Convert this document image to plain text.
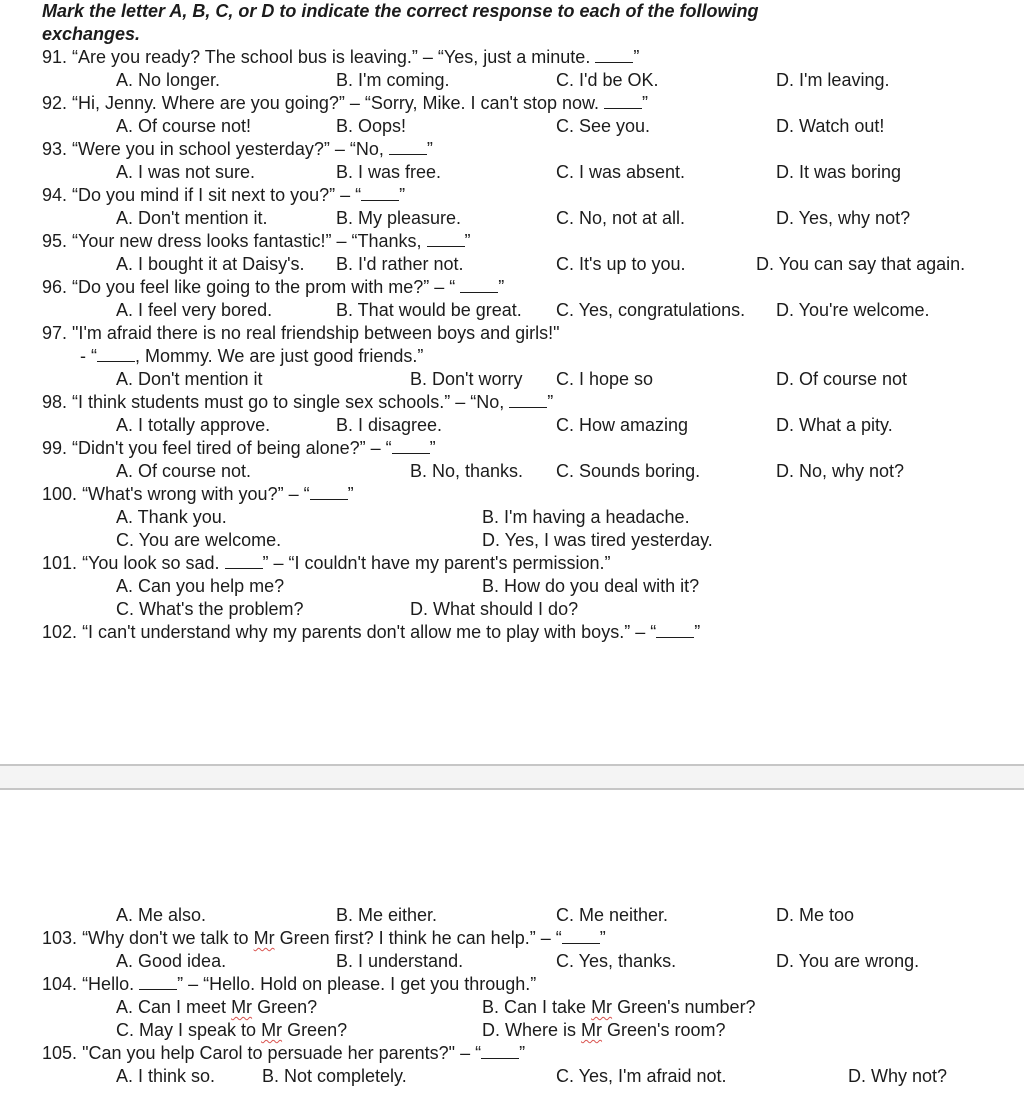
Mark the letter A, B, C, or D to indicate the correct response to each of the following
exchanges.
91. “Are you ready? The school bus is leaving.” – “Yes, just a minute. ”
A. No longer.	B. I'm coming.	C. I'd be OK.	D. I'm leaving.
92. “Hi, Jenny. Where are you going?” – “Sorry, Mike. I can't stop now. ”
A. Of course not!	B. Oops!	C. See you.	D. Watch out!
93. “Were you in school yesterday?” – “No, ”
A. I was not sure.	B. I was free.	C. I was absent.	D. It was boring
94. “Do you mind if I sit next to you?” – “ ”
A. Don't mention it.	B. My pleasure.	C. No, not at all.	D. Yes, why not?
95. “Your new dress looks fantastic!” – “Thanks, ”
A. I bought it at Daisy's.	B. I'd rather not.	C. It's up to you.	D. You can say that again.
96. “Do you feel like going to the prom with me?” – “ ”
A. I feel very bored.	B. That would be great.	C. Yes, congratulations.	D. You're welcome.
97. "I'm afraid there is no real friendship between boys and girls!"
- “ , Mommy. We are just good friends.”
A. Don't mention it	B. Don't worry	C. I hope so	D. Of course not
98. “I think students must go to single sex schools.” – “No, ”
A. I totally approve.	B. I disagree.	C. How amazing	D. What a pity.
99. “Didn't you feel tired of being alone?” – “ ”
A. Of course not.	B. No, thanks.	C. Sounds boring.	D. No, why not?
100. “What's wrong with you?” – “ ”
A. Thank you.	B. I'm having a headache.
C. You are welcome.	D. Yes, I was tired yesterday.
101. “You look so sad. ” – “I couldn't have my parent's permission.”
A. Can you help me?	B. How do you deal with it?
C. What's the problem?	D. What should I do?
102. “I can't understand why my parents don't allow me to play with boys.” – “ ”
A. Me also.	B. Me either.	C. Me neither.	D. Me too
103. “Why don't we talk to Mr Green first? I think he can help.” – “ ”
A. Good idea.	B. I understand.	C. Yes, thanks.	D. You are wrong.
104. “Hello. ” – “Hello. Hold on please. I get you through.”
A. Can I meet Mr Green?	B. Can I take Mr Green's number?
C. May I speak to Mr Green?	D. Where is Mr Green's room?
105. "Can you help Carol to persuade her parents?" – “ ”
A. I think so.	B. Not completely.	C. Yes, I'm afraid not.	D. Why not?
